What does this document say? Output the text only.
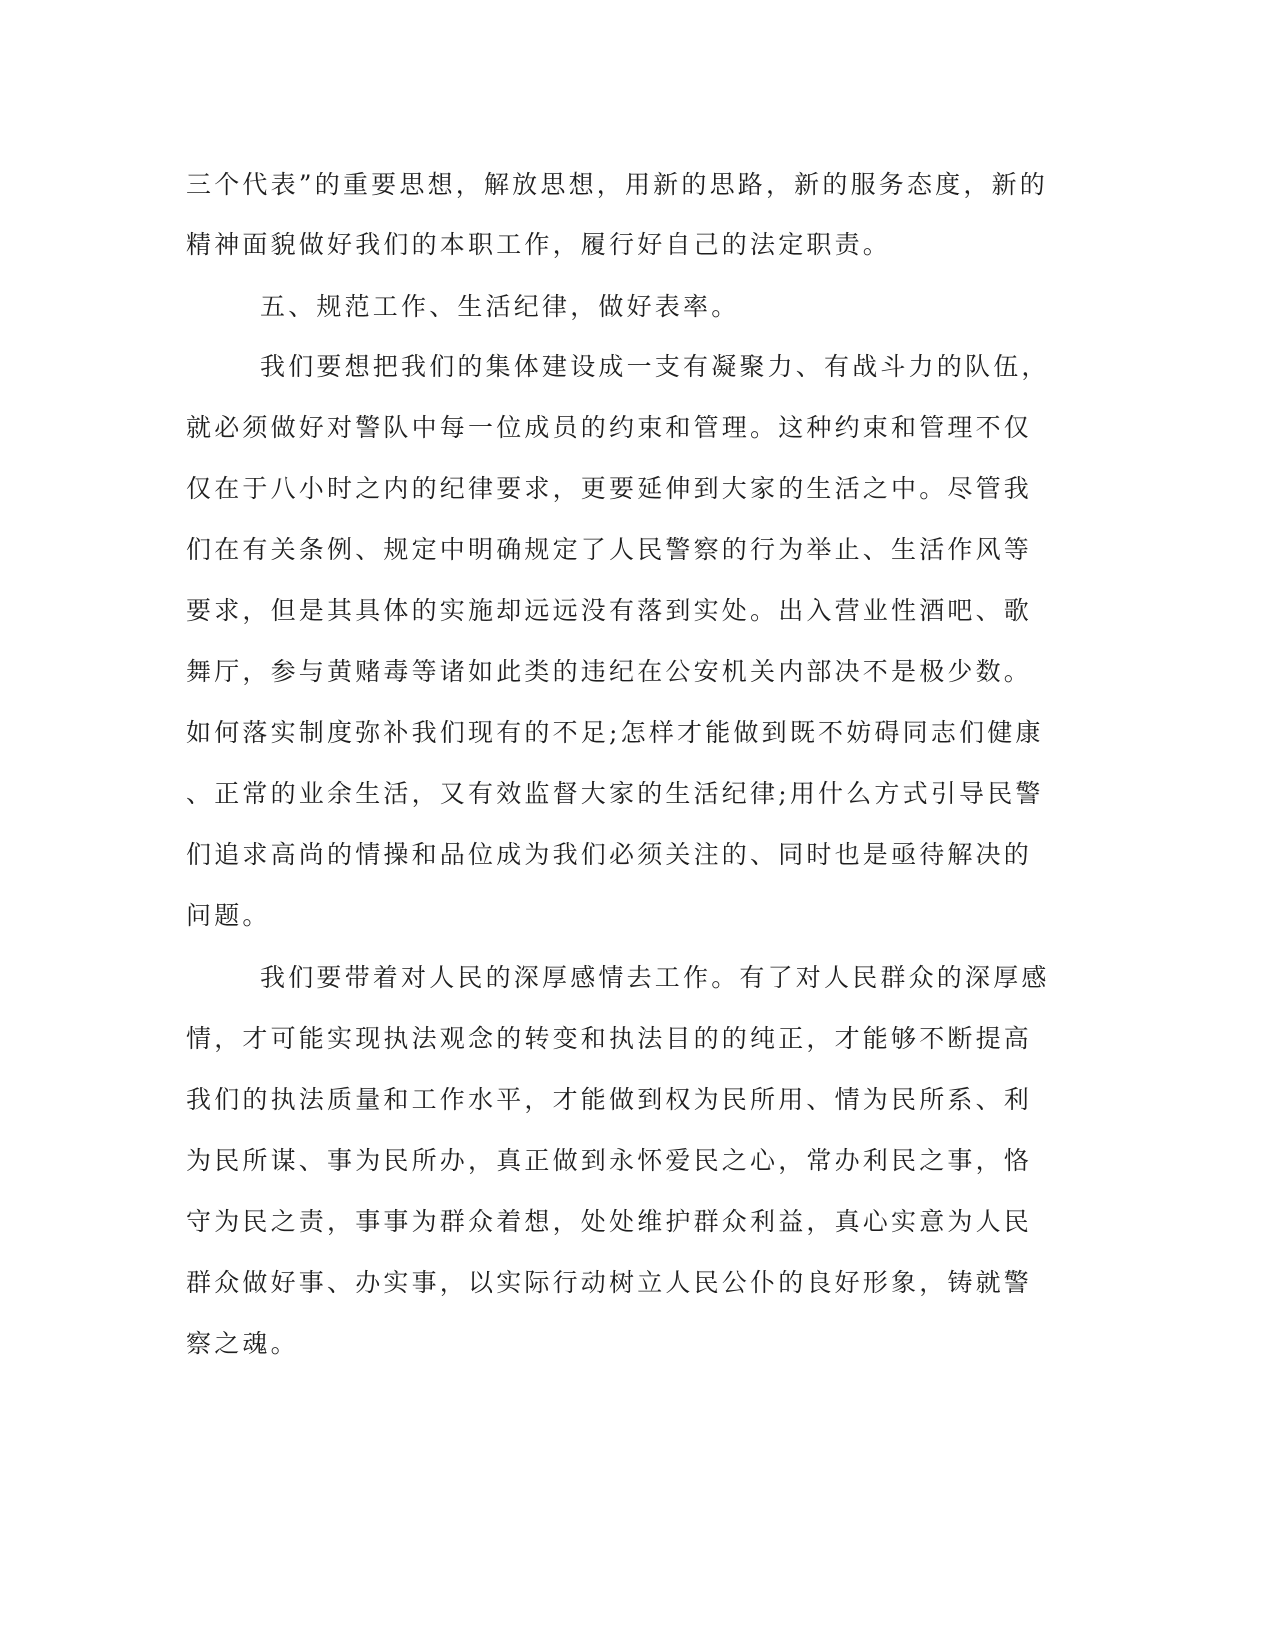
三个代表”的重要思想，解放思想，用新的思路，新的服务态度，新的
精神面貌做好我们的本职工作，履行好自己的法定职责。
五、规范工作、生活纪律，做好表率。
我们要想把我们的集体建设成一支有凝聚力、有战斗力的队伍，
就必须做好对警队中每一位成员的约束和管理。这种约束和管理不仅
仅在于八小时之内的纪律要求，更要延伸到大家的生活之中。尽管我
们在有关条例、规定中明确规定了人民警察的行为举止、生活作风等
要求，但是其具体的实施却远远没有落到实处。出入营业性酒吧、歌
舞厅，参与黄赌毒等诸如此类的违纪在公安机关内部决不是极少数。
如何落实制度弥补我们现有的不足;怎样才能做到既不妨碍同志们健康
、正常的业余生活，又有效监督大家的生活纪律;用什么方式引导民警
们追求高尚的情操和品位成为我们必须关注的、同时也是亟待解决的
问题。
我们要带着对人民的深厚感情去工作。有了对人民群众的深厚感
情，才可能实现执法观念的转变和执法目的的纯正，才能够不断提高
我们的执法质量和工作水平，才能做到权为民所用、情为民所系、利
为民所谋、事为民所办，真正做到永怀爱民之心，常办利民之事，恪
守为民之责，事事为群众着想，处处维护群众利益，真心实意为人民
群众做好事、办实事，以实际行动树立人民公仆的良好形象，铸就警
察之魂。
